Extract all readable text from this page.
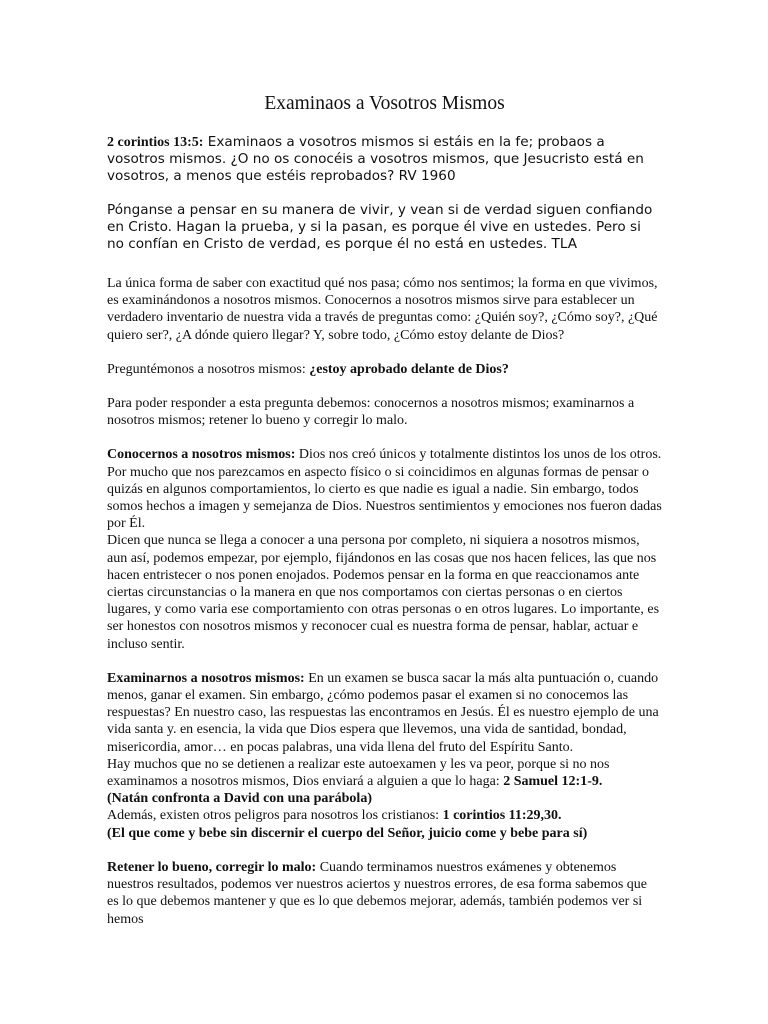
Examinaos a Vosotros Mismos
2 corintios 13:5: Examinaos a vosotros mismos si estáis en la fe; probaos a vosotros mismos. ¿O no os conocéis a vosotros mismos, que Jesucristo está en vosotros, a menos que estéis reprobados? RV 1960
Pónganse a pensar en su manera de vivir, y vean si de verdad siguen confiando en Cristo. Hagan la prueba, y si la pasan, es porque él vive en ustedes. Pero si no confían en Cristo de verdad, es porque él no está en ustedes. TLA
La única forma de saber con exactitud qué nos pasa; cómo nos sentimos; la forma en que vivimos, es examinándonos a nosotros mismos. Conocernos a nosotros mismos sirve para establecer un verdadero inventario de nuestra vida a través de preguntas como: ¿Quién soy?, ¿Cómo soy?, ¿Qué quiero ser?, ¿A dónde quiero llegar? Y, sobre todo, ¿Cómo estoy delante de Dios?
Preguntémonos a nosotros mismos: ¿estoy aprobado delante de Dios?
Para poder responder a esta pregunta debemos: conocernos a nosotros mismos; examinarnos a nosotros mismos; retener lo bueno y corregir lo malo.
Conocernos a nosotros mismos: Dios nos creó únicos y totalmente distintos los unos de los otros. Por mucho que nos parezcamos en aspecto físico o si coincidimos en algunas formas de pensar o quizás en algunos comportamientos, lo cierto es que nadie es igual a nadie. Sin embargo, todos somos hechos a imagen y semejanza de Dios. Nuestros sentimientos y emociones nos fueron dadas por Él.
Dicen que nunca se llega a conocer a una persona por completo, ni siquiera a nosotros mismos, aun así, podemos empezar, por ejemplo, fijándonos en las cosas que nos hacen felices, las que nos hacen entristecer o nos ponen enojados. Podemos pensar en la forma en que reaccionamos ante ciertas circunstancias o la manera en que nos comportamos con ciertas personas o en ciertos lugares, y como varia ese comportamiento con otras personas o en otros lugares. Lo importante, es ser honestos con nosotros mismos y reconocer cual es nuestra forma de pensar, hablar, actuar e incluso sentir.
Examinarnos a nosotros mismos: En un examen se busca sacar la más alta puntuación o, cuando menos, ganar el examen. Sin embargo, ¿cómo podemos pasar el examen si no conocemos las respuestas? En nuestro caso, las respuestas las encontramos en Jesús. Él es nuestro ejemplo de una vida santa y. en esencia, la vida que Dios espera que llevemos, una vida de santidad, bondad, misericordia, amor… en pocas palabras, una vida llena del fruto del Espíritu Santo.
Hay muchos que no se detienen a realizar este autoexamen y les va peor, porque si no nos examinamos a nosotros mismos, Dios enviará a alguien a que lo haga: 2 Samuel 12:1-9.
(Natán confronta a David con una parábola)
Además, existen otros peligros para nosotros los cristianos: 1 corintios 11:29,30.
(El que come y bebe sin discernir el cuerpo del Señor, juicio come y bebe para sí)
Retener lo bueno, corregir lo malo: Cuando terminamos nuestros exámenes y obtenemos nuestros resultados, podemos ver nuestros aciertos y nuestros errores, de esa forma sabemos que es lo que debemos mantener y que es lo que debemos mejorar, además, también podemos ver si hemos
